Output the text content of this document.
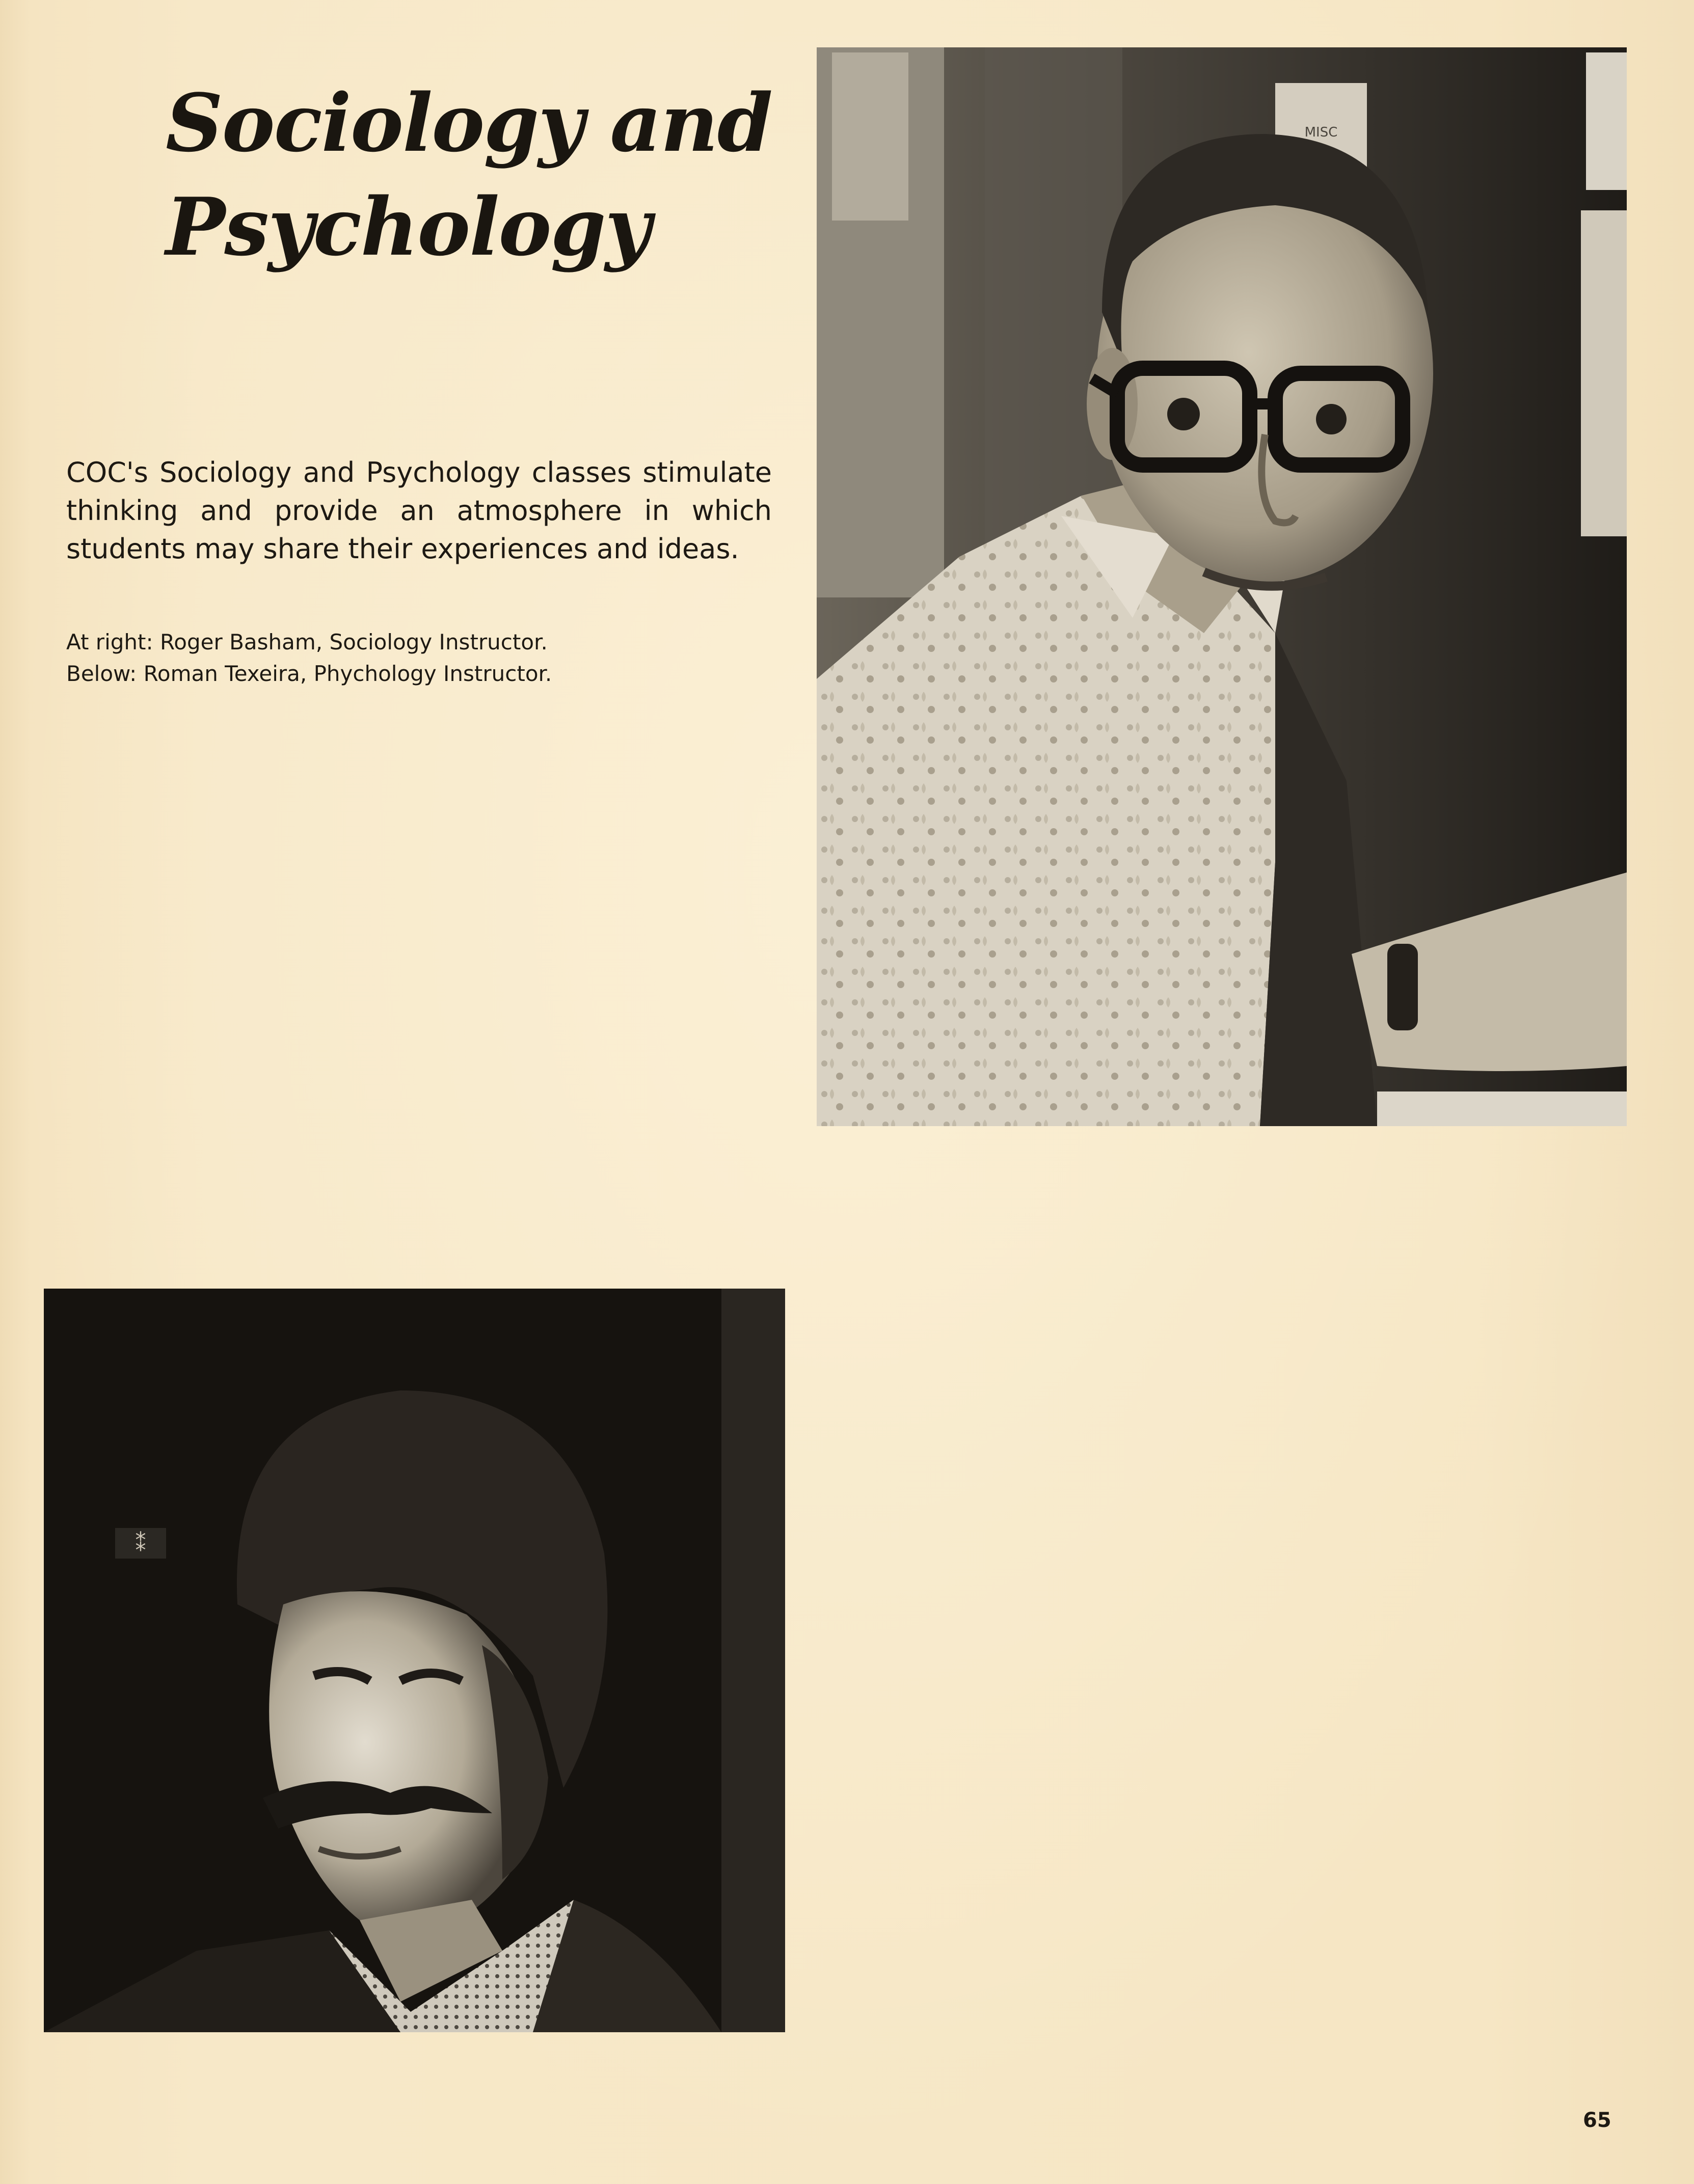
Sociology and
Psychology

COC's Sociology and Psychology classes stimulate thinking and provide an atmosphere in which students may share their experiences and ideas.

At right: Roger Basham, Sociology Instructor.
Below: Roman Texeira, Phychology Instructor.
MISC
⁑
65
